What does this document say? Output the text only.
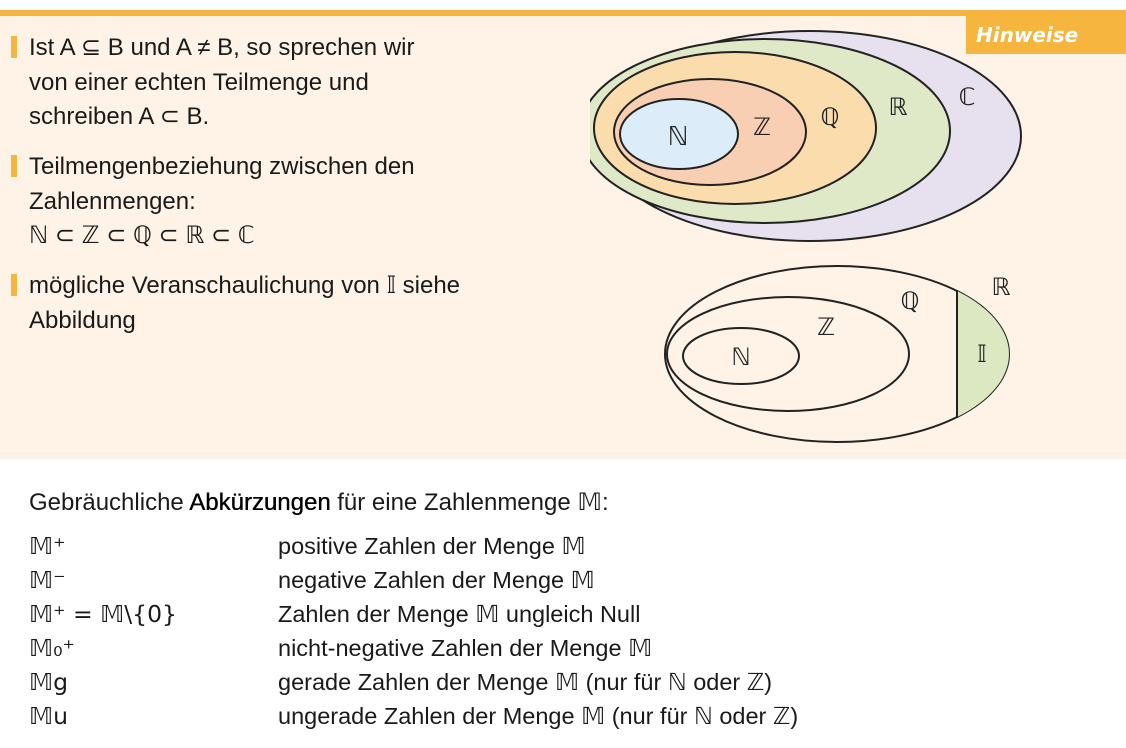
Hinweise

Ist A ⊆ B und A ≠ B, so sprechen wir

von einer echten Teilmenge und

schreiben A ⊂ B.

Teilmengenbeziehung zwischen den

Zahlenmengen:

ℕ ⊂ ℤ ⊂ ℚ ⊂ ℝ ⊂ ℂ

mögliche Veranschaulichung von 𝕀 siehe

Abbildung

ℕ	ℤ ℚ ℝ ℂ
ℕ
ℤ
ℚ	ℝ
𝕀
Gebräuchliche Abkürzungen für eine Zahlenmenge 𝕄:
𝕄⁺	positive Zahlen der Menge 𝕄
𝕄⁻	negative Zahlen der Menge 𝕄
𝕄⁺ = 𝕄\{0}	Zahlen der Menge 𝕄 ungleich Null
𝕄₀⁺	nicht-negative Zahlen der Menge 𝕄
𝕄g	gerade Zahlen der Menge 𝕄 (nur für ℕ oder ℤ)
𝕄u	ungerade Zahlen der Menge 𝕄 (nur für ℕ oder ℤ)
